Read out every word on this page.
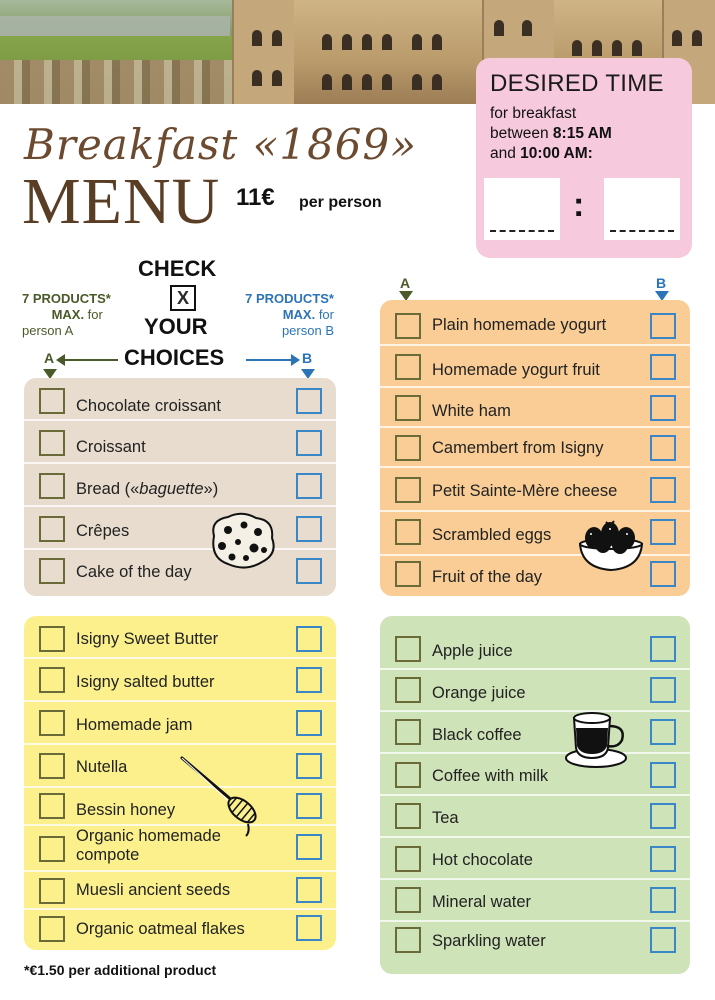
DESIRED TIME
for breakfast
between 8:15 AM
and 10:00 AM:
:
Breakfast «1869»
MENU 11€ per person
CHECK
X
YOUR
CHOICES
7 PRODUCTS*
MAX. for
person A
7 PRODUCTS*
MAX. for
person B
A	B
A	B
Chocolate croissant
Croissant
Bread («baguette»)
Crêpes
Cake of the day
Isigny Sweet Butter
Isigny salted butter
Homemade jam
Nutella
Bessin honey
Organic homemade
compote
Muesli ancient seeds
Organic oatmeal flakes
Plain homemade yogurt
Homemade yogurt fruit
White ham
Camembert from Isigny
Petit Sainte-Mère cheese
Scrambled eggs
Fruit of the day
Apple juice
Orange juice
Black coffee
Coffee with milk
Tea
Hot chocolate
Mineral water
Sparkling water
*€1.50 per additional product
